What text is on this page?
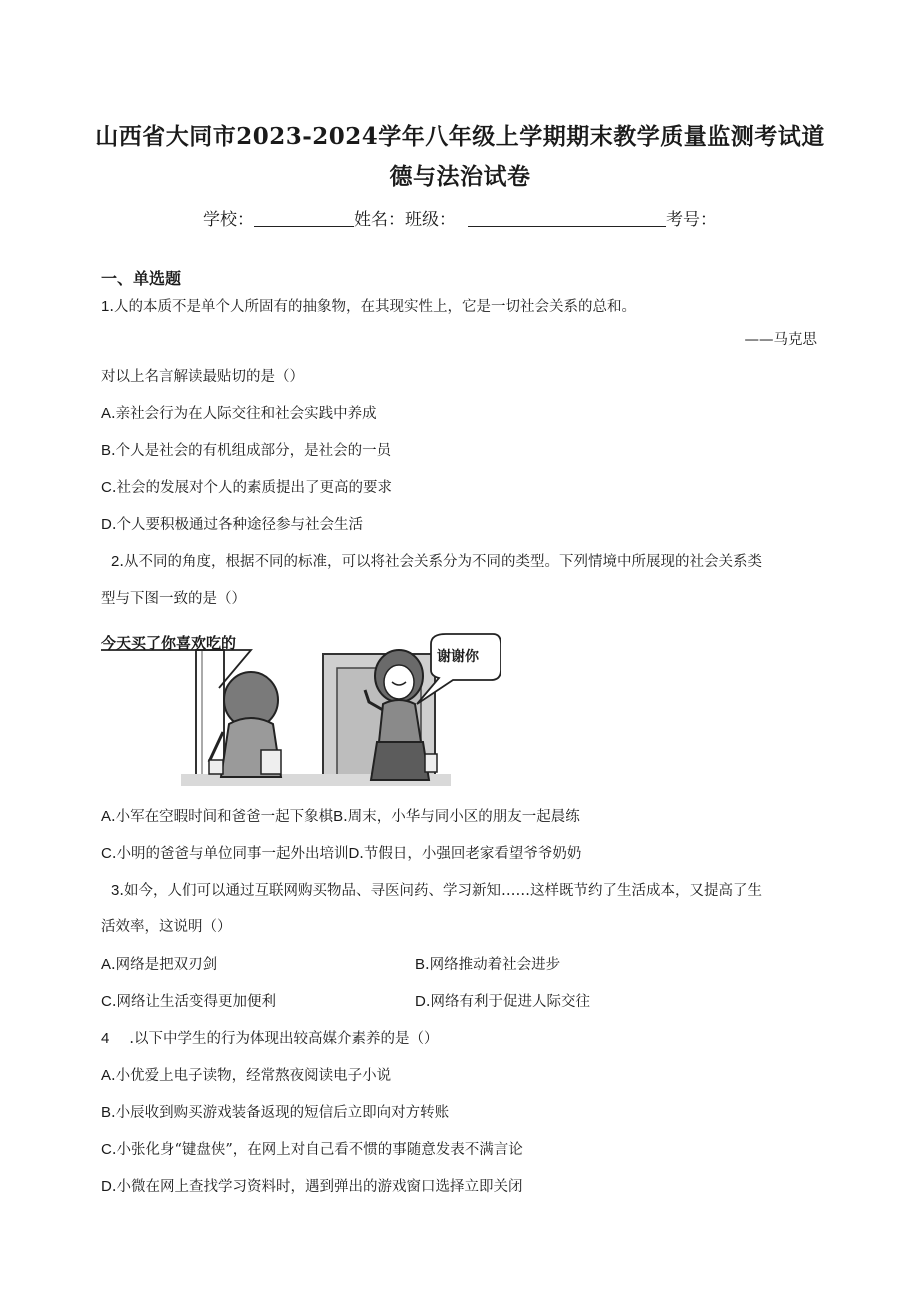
山西省大同市2023-2024学年八年级上学期期末教学质量监测考试道
德与法治试卷
学校：	姓名：班级：	考号：
一、单选题
1.人的本质不是单个人所固有的抽象物，在其现实性上，它是一切社会关系的总和。
——马克思
对以上名言解读最贴切的是（）
A.亲社会行为在人际交往和社会实践中养成
B.个人是社会的有机组成部分，是社会的一员
C.社会的发展对个人的素质提出了更高的要求
D.个人要积极通过各种途径参与社会生活
2.从不同的角度，根据不同的标准，可以将社会关系分为不同的类型。下列情境中所展现的社会关系类
型与下图一致的是（）
今天买了你喜欢吃的
谢谢你
A.小军在空暇时间和爸爸一起下象棋B.周末，小华与同小区的朋友一起晨练
C.小明的爸爸与单位同事一起外出培训D.节假日，小强回老家看望爷爷奶奶
3.如今，人们可以通过互联网购买物品、寻医问药、学习新知……这样既节约了生活成本，又提高了生
活效率，这说明（）
A.网络是把双刃剑	B.网络推动着社会进步
C.网络让生活变得更加便利	D.网络有利于促进人际交往
4 .以下中学生的行为体现出较高媒介素养的是（）
A.小优爱上电子读物，经常熬夜阅读电子小说
B.小辰收到购买游戏装备返现的短信后立即向对方转账
C.小张化身“键盘侠”，在网上对自己看不惯的事随意发表不满言论
D.小微在网上查找学习资料时，遇到弹出的游戏窗口选择立即关闭
